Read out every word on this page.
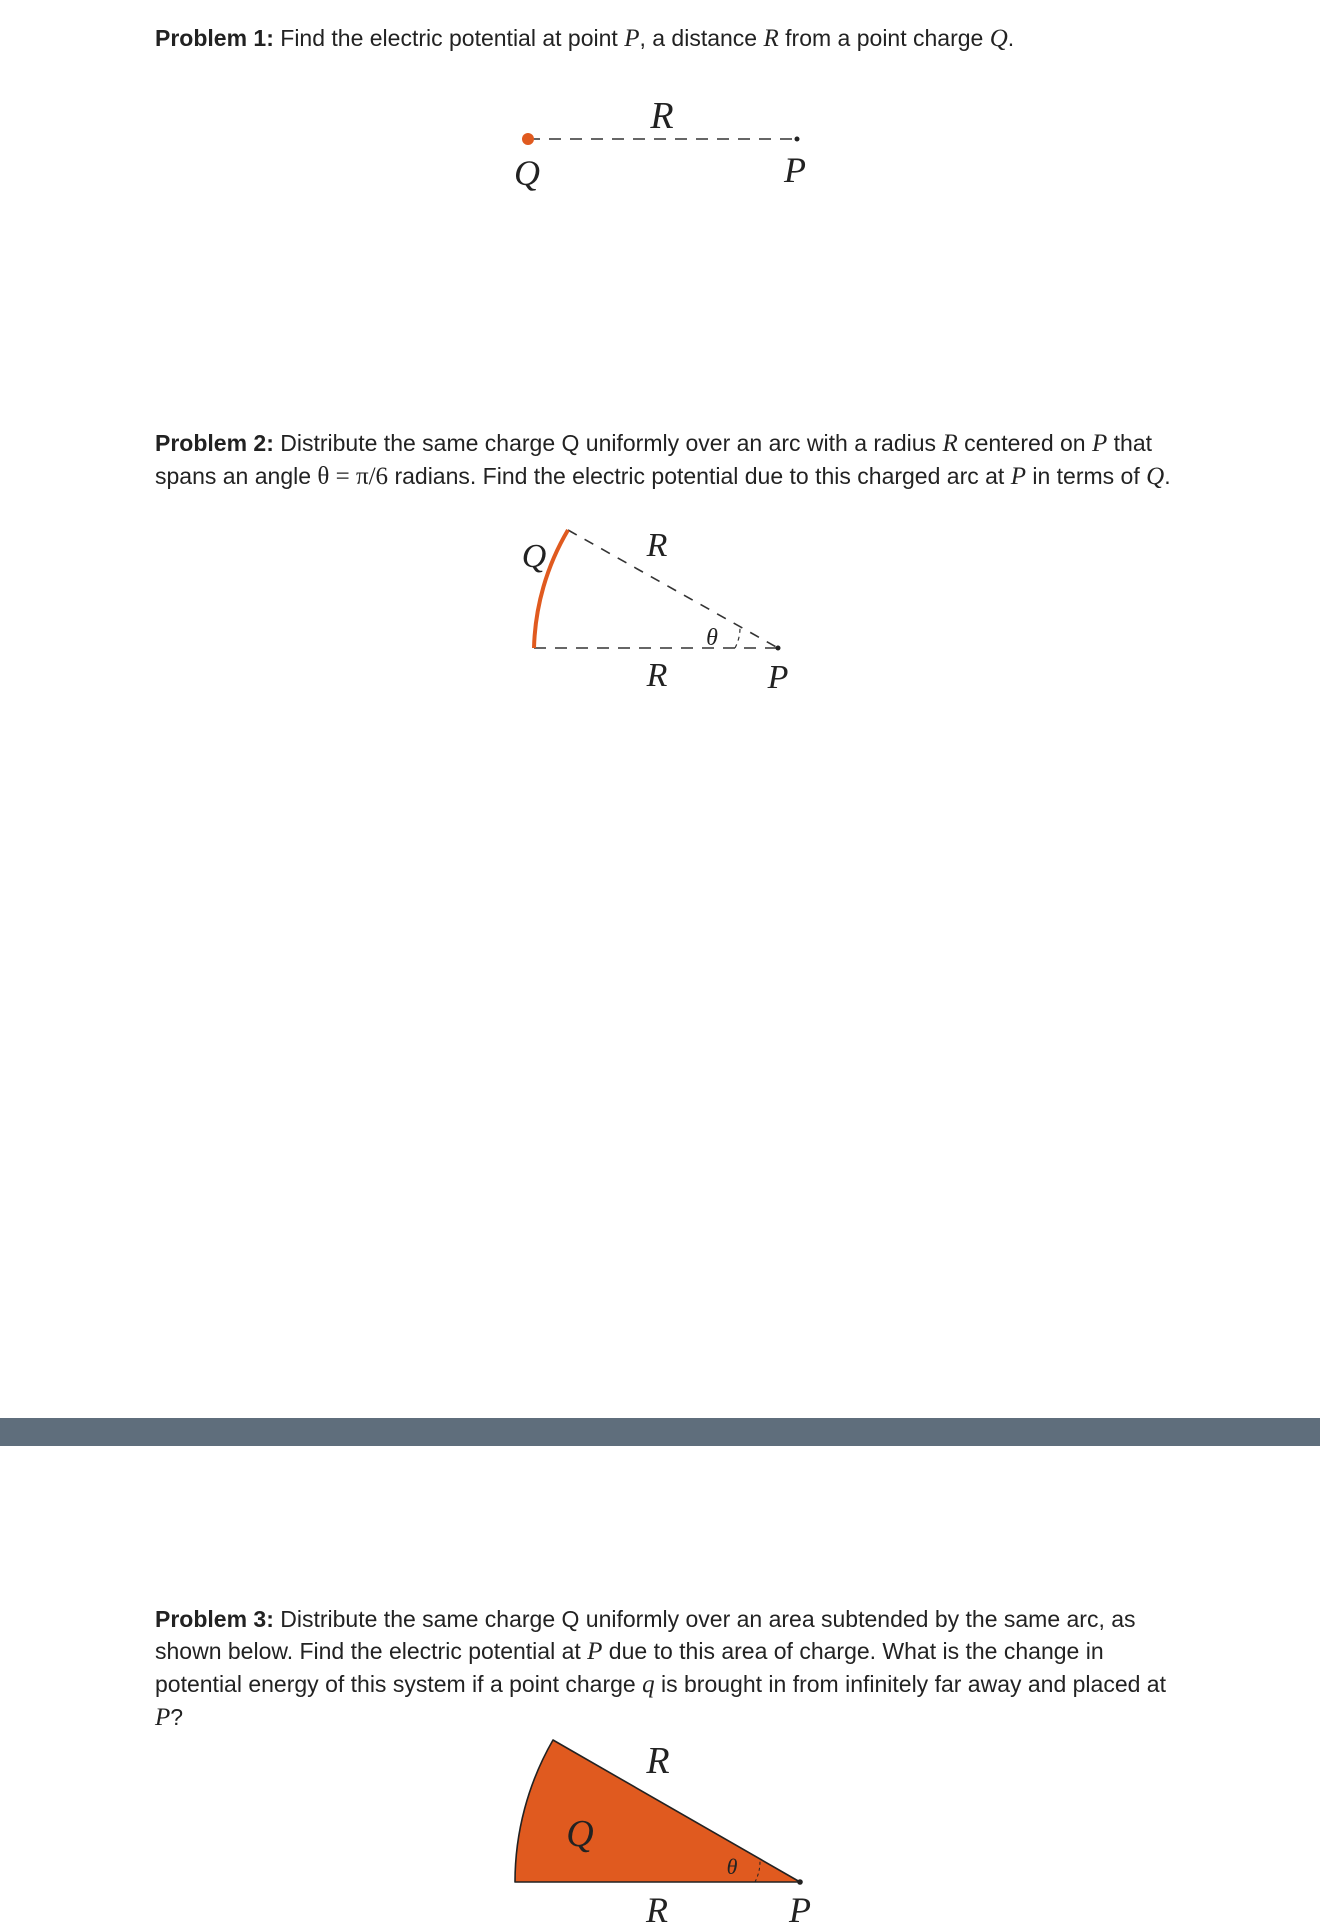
Problem 1: Find the electric potential at point P, a distance R from a point charge Q.

R
Q	P

Problem 2: Distribute the same charge Q uniformly over an arc with a radius R centered on P that spans an angle θ = π/6 radians. Find the electric potential due to this charged arc at P in terms of Q.

Q	R
θ
R	P

Problem 3: Distribute the same charge Q uniformly over an area subtended by the same arc, as shown below. Find the electric potential at P due to this area of charge. What is the change in potential energy of this system if a point charge q is brought in from infinitely far away and placed at P?

R
Q
θ
R	P
